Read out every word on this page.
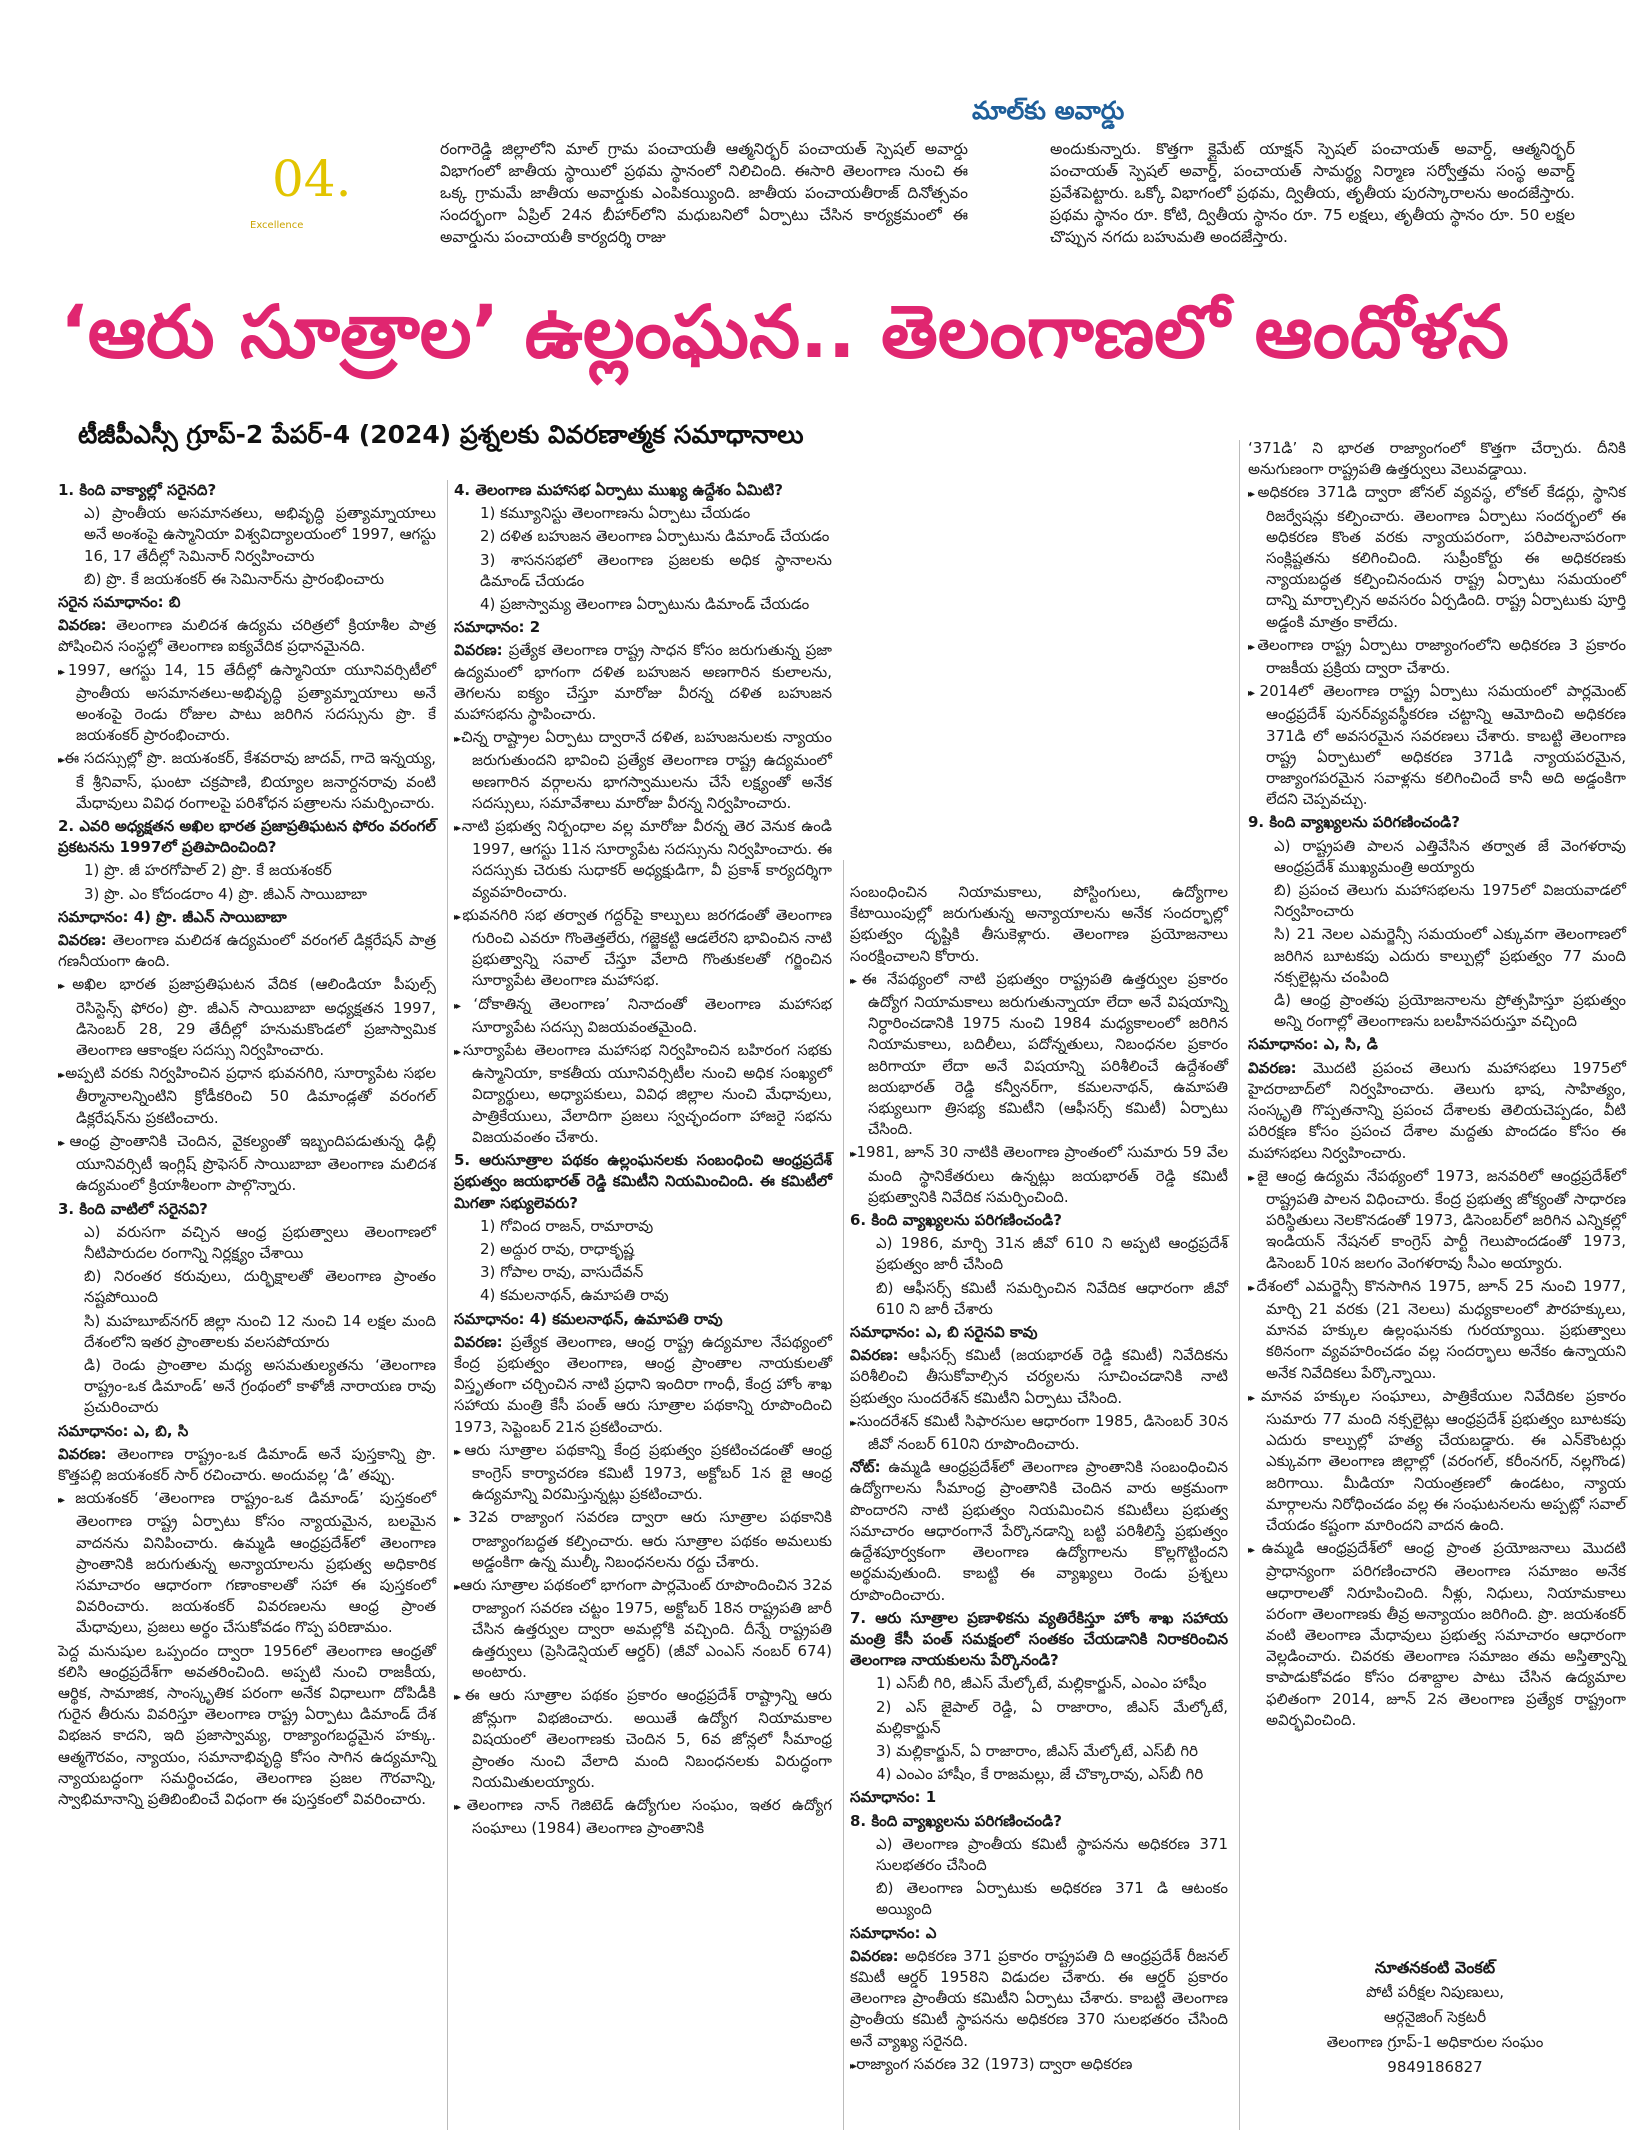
మాల్‌కు అవార్డు
04.
Excellence

రంగారెడ్డి జిల్లాలోని మాల్ గ్రామ పంచాయతీ ఆత్మనిర్భర్ పంచాయత్ స్పెషల్ అవార్డు విభాగంలో జాతీయ స్థాయిలో ప్రథమ స్థానంలో నిలిచింది. ఈసారి తెలంగాణ నుంచి ఈ ఒక్క గ్రామమే జాతీయ అవార్డుకు ఎంపికయ్యింది. జాతీయ పంచాయతీరాజ్ దినోత్సవం సందర్భంగా ఏప్రిల్ 24న బీహార్‌లోని మధుబనిలో ఏర్పాటు చేసిన కార్యక్రమంలో ఈ అవార్డును పంచాయతీ కార్యదర్శి రాజు

అందుకున్నారు. కొత్తగా క్లైమేట్ యాక్షన్ స్పెషల్ పంచాయత్ అవార్డ్, ఆత్మనిర్భర్ పంచాయత్ స్పెషల్ అవార్డ్, పంచాయత్ సామర్థ్య నిర్మాణ సర్వోత్తమ సంస్థ అవార్డ్ ప్రవేశపెట్టారు. ఒక్కో విభాగంలో ప్రథమ, ద్వితీయ, తృతీయ పురస్కారాలను అందజేస్తారు. ప్రథమ స్థానం రూ. కోటి, ద్వితీయ స్థానం రూ. 75 లక్షలు, తృతీయ స్థానం రూ. 50 లక్షల చొప్పున నగదు బహుమతి అందజేస్తారు.

‘ఆరు సూత్రాల’ ఉల్లంఘన.. తెలంగాణలో ఆందోళన
టీజీపీఎస్సీ గ్రూప్-2 పేపర్-4 (2024) ప్రశ్నలకు వివరణాత్మక సమాధానాలు

1. కింది వాక్యాల్లో సరైనది?

ఎ) ప్రాంతీయ అసమానతలు, అభివృద్ధి ప్రత్యామ్నాయాలు అనే అంశంపై ఉస్మానియా విశ్వవిద్యాలయంలో 1997, ఆగస్టు 16, 17 తేదీల్లో సెమినార్ నిర్వహించారు

బి) ప్రొ. కే జయశంకర్ ఈ సెమినార్‌ను ప్రారంభించారు

సరైన సమాధానం: బి

వివరణ: తెలంగాణ మలిదశ ఉద్యమ చరిత్రలో క్రియాశీల పాత్ర పోషించిన సంస్థల్లో తెలంగాణ ఐక్యవేదిక ప్రధానమైనది.

▸▸ 1997, ఆగస్టు 14, 15 తేదీల్లో ఉస్మానియా యూనివర్సిటీలో ప్రాంతీయ అసమానతలు-అభివృద్ధి ప్రత్యామ్నాయాలు అనే అంశంపై రెండు రోజుల పాటు జరిగిన సదస్సును ప్రొ. కే జయశంకర్ ప్రారంభించారు.

▸▸ ఈ సదస్సుల్లో ప్రొ. జయశంకర్, కేశవరావు జాదవ్, గాదె ఇన్నయ్య, కే శ్రీనివాస్, ఘంటా చక్రపాణి, బియ్యాల జనార్దనరావు వంటి మేధావులు వివిధ రంగాలపై పరిశోధన పత్రాలను సమర్పించారు.

2. ఎవరి అధ్యక్షతన అఖిల భారత ప్రజాప్రతిఘటన ఫోరం వరంగల్ ప్రకటనను 1997లో ప్రతిపాదించింది?

1) ప్రొ. జీ హరగోపాల్ 2) ప్రొ. కే జయశంకర్

3) ప్రొ. ఎం కోదండరాం 4) ప్రొ. జీఎన్ సాయిబాబా

సమాధానం: 4) ప్రొ. జీఎన్ సాయిబాబా

వివరణ: తెలంగాణ మలిదశ ఉద్యమంలో వరంగల్ డిక్లరేషన్ పాత్ర గణనీయంగా ఉంది.

▸▸ అఖిల భారత ప్రజాప్రతిఘటన వేదిక (ఆలిండియా పీపుల్స్ రెసిస్టెన్స్ ఫోరం) ప్రొ. జీఎన్ సాయిబాబా అధ్యక్షతన 1997, డిసెంబర్ 28, 29 తేదీల్లో హనుమకొండలో ప్రజాస్వామిక తెలంగాణ ఆకాంక్షల సదస్సు నిర్వహించారు.

▸▸ అప్పటి వరకు నిర్వహించిన ప్రధాన భువనగిరి, సూర్యాపేట సభల తీర్మానాలన్నింటిని క్రోడీకరించి 50 డిమాండ్లతో వరంగల్ డిక్లరేషన్‌ను ప్రకటించారు.

▸▸ ఆంధ్ర ప్రాంతానికి చెందిన, వైకల్యంతో ఇబ్బందిపడుతున్న ఢిల్లీ యూనివర్సిటీ ఇంగ్లిష్ ప్రొఫెసర్ సాయిబాబా తెలంగాణ మలిదశ ఉద్యమంలో క్రియాశీలంగా పాల్గొన్నారు.

3. కింది వాటిలో సరైనవి?

ఎ) వరుసగా వచ్చిన ఆంధ్ర ప్రభుత్వాలు తెలంగాణలో నీటిపారుదల రంగాన్ని నిర్లక్ష్యం చేశాయి

బి) నిరంతర కరువులు, దుర్భిక్షాలతో తెలంగాణ ప్రాంతం నష్టపోయింది

సి) మహబూబ్‌నగర్ జిల్లా నుంచి 12 నుంచి 14 లక్షల మంది దేశంలోని ఇతర ప్రాంతాలకు వలసపోయారు

డి) రెండు ప్రాంతాల మధ్య అసమతుల్యతను ‘తెలంగాణ రాష్ట్రం-ఒక డిమాండ్’ అనే గ్రంథంలో కాళోజీ నారాయణ రావు ప్రచురించారు

సమాధానం: ఎ, బి, సి

వివరణ: తెలంగాణ రాష్ట్రం-ఒక డిమాండ్ అనే పుస్తకాన్ని ప్రొ. కొత్తపల్లి జయశంకర్ సార్ రచించారు. అందువల్ల ‘డి’ తప్పు.

▸▸ జయశంకర్ ‘తెలంగాణ రాష్ట్రం-ఒక డిమాండ్’ పుస్తకంలో తెలంగాణ రాష్ట్ర ఏర్పాటు కోసం న్యాయమైన, బలమైన వాదనను వినిపించారు. ఉమ్మడి ఆంధ్రప్రదేశ్‌లో తెలంగాణ ప్రాంతానికి జరుగుతున్న అన్యాయాలను ప్రభుత్వ అధికారిక సమాచారం ఆధారంగా గణాంకాలతో సహా ఈ పుస్తకంలో వివరించారు. జయశంకర్ వివరణలను ఆంధ్ర ప్రాంత మేధావులు, ప్రజలు అర్థం చేసుకోవడం గొప్ప పరిణామం.

పెద్ద మనుషుల ఒప్పందం ద్వారా 1956లో తెలంగాణ ఆంధ్రతో కలిసి ఆంధ్రప్రదేశ్‌గా అవతరించింది. అప్పటి నుంచి రాజకీయ, ఆర్థిక, సామాజిక, సాంస్కృతిక పరంగా అనేక విధాలుగా దోపిడీకి గురైన తీరును వివరిస్తూ తెలంగాణ రాష్ట్ర ఏర్పాటు డిమాండ్ దేశ విభజన కాదని, ఇది ప్రజాస్వామ్య, రాజ్యాంగబద్ధమైన హక్కు. ఆత్మగౌరవం, న్యాయం, సమానాభివృద్ధి కోసం సాగిన ఉద్యమాన్ని న్యాయబద్ధంగా సమర్థించడం, తెలంగాణ ప్రజల గౌరవాన్ని, స్వాభిమానాన్ని ప్రతిబింబించే విధంగా ఈ పుస్తకంలో వివరించారు.

4. తెలంగాణ మహాసభ ఏర్పాటు ముఖ్య ఉద్దేశం ఏమిటి?

1) కమ్యూనిస్టు తెలంగాణను ఏర్పాటు చేయడం

2) దళిత బహుజన తెలంగాణ ఏర్పాటును డిమాండ్ చేయడం

3) శాసనసభలో తెలంగాణ ప్రజలకు అధిక స్థానాలను డిమాండ్ చేయడం

4) ప్రజాస్వామ్య తెలంగాణ ఏర్పాటును డిమాండ్ చేయడం

సమాధానం: 2

వివరణ: ప్రత్యేక తెలంగాణ రాష్ట్ర సాధన కోసం జరుగుతున్న ప్రజా ఉద్యమంలో భాగంగా దళిత బహుజన అణగారిన కులాలను, తెగలను ఐక్యం చేస్తూ మారోజు వీరన్న దళిత బహుజన మహాసభను స్థాపించారు.

▸▸ చిన్న రాష్ట్రాల ఏర్పాటు ద్వారానే దళిత, బహుజనులకు న్యాయం జరుగుతుందని భావించి ప్రత్యేక తెలంగాణ రాష్ట్ర ఉద్యమంలో అణగారిన వర్గాలను భాగస్వాములను చేసే లక్ష్యంతో అనేక సదస్సులు, సమావేశాలు మారోజు వీరన్న నిర్వహించారు.

▸▸ నాటి ప్రభుత్వ నిర్బంధాల వల్ల మారోజు వీరన్న తెర వెనుక ఉండి 1997, ఆగస్టు 11న సూర్యాపేట సదస్సును నిర్వహించారు. ఈ సదస్సుకు చెరుకు సుధాకర్ అధ్యక్షుడిగా, వీ ప్రకాశ్ కార్యదర్శిగా వ్యవహరించారు.

▸▸ భువనగిరి సభ తర్వాత గద్దర్‌పై కాల్పులు జరగడంతో తెలంగాణ గురించి ఎవరూ గొంతెత్తలేరు, గజ్జెకట్టి ఆడలేరని భావించిన నాటి ప్రభుత్వాన్ని సవాల్ చేస్తూ వేలాది గొంతుకలతో గర్జించిన సూర్యాపేట తెలంగాణ మహాసభ.

▸▸ ‘దోకాతిన్న తెలంగాణ’ నినాదంతో తెలంగాణ మహాసభ సూర్యాపేట సదస్సు విజయవంతమైంది.

▸▸ సూర్యాపేట తెలంగాణ మహాసభ నిర్వహించిన బహిరంగ సభకు ఉస్మానియా, కాకతీయ యూనివర్సిటీల నుంచి అధిక సంఖ్యలో విద్యార్థులు, అధ్యాపకులు, వివిధ జిల్లాల నుంచి మేధావులు, పాత్రికేయులు, వేలాదిగా ప్రజలు స్వచ్ఛందంగా హాజరై సభను విజయవంతం చేశారు.

5. ఆరుసూత్రాల పథకం ఉల్లంఘనలకు సంబంధించి ఆంధ్రప్రదేశ్ ప్రభుత్వం జయభారత్ రెడ్డి కమిటీని నియమించింది. ఈ కమిటీలో మిగతా సభ్యులెవరు?

1) గోవింద రాజన్, రామారావు

2) అద్దుర రావు, రాధాకృష్ణ

3) గోపాల రావు, వాసుదేవన్

4) కమలనాథన్, ఉమాపతి రావు

సమాధానం: 4) కమలనాథన్, ఉమాపతి రావు

వివరణ: ప్రత్యేక తెలంగాణ, ఆంధ్ర రాష్ట్ర ఉద్యమాల నేపథ్యంలో కేంద్ర ప్రభుత్వం తెలంగాణ, ఆంధ్ర ప్రాంతాల నాయకులతో విస్తృతంగా చర్చించిన నాటి ప్రధాని ఇందిరా గాంధీ, కేంద్ర హోం శాఖ సహాయ మంత్రి కేసీ పంత్ ఆరు సూత్రాల పథకాన్ని రూపొందించి 1973, సెప్టెంబర్ 21న ప్రకటించారు.

▸▸ ఆరు సూత్రాల పథకాన్ని కేంద్ర ప్రభుత్వం ప్రకటించడంతో ఆంధ్ర కాంగ్రెస్ కార్యాచరణ కమిటీ 1973, అక్టోబర్ 1న జై ఆంధ్ర ఉద్యమాన్ని విరమిస్తున్నట్లు ప్రకటించారు.

▸▸ 32వ రాజ్యాంగ సవరణ ద్వారా ఆరు సూత్రాల పథకానికి రాజ్యాంగబద్ధత కల్పించారు. ఆరు సూత్రాల పథకం అమలుకు అడ్డంకిగా ఉన్న ముల్కీ నిబంధనలను రద్దు చేశారు.

▸▸ ఆరు సూత్రాల పథకంలో భాగంగా పార్లమెంట్ రూపొందించిన 32వ రాజ్యాంగ సవరణ చట్టం 1975, అక్టోబర్ 18న రాష్ట్రపతి జారీ చేసిన ఉత్తర్వుల ద్వారా అమల్లోకి వచ్చింది. దీన్నే రాష్ట్రపతి ఉత్తర్వులు (ప్రెసిడెన్షియల్ ఆర్డర్) (జీవో ఎంఎస్ నంబర్ 674) అంటారు.

▸▸ ఈ ఆరు సూత్రాల పథకం ప్రకారం ఆంధ్రప్రదేశ్ రాష్ట్రాన్ని ఆరు జోన్లుగా విభజించారు. అయితే ఉద్యోగ నియామకాల విషయంలో తెలంగాణకు చెందిన 5, 6వ జోన్లలో సీమాంధ్ర ప్రాంతం నుంచి వేలాది మంది నిబంధనలకు విరుద్ధంగా నియమితులయ్యారు.

▸▸ తెలంగాణ నాన్ గెజిటెడ్ ఉద్యోగుల సంఘం, ఇతర ఉద్యోగ సంఘాలు (1984) తెలంగాణ ప్రాంతానికి

సంబంధించిన నియామకాలు, పోస్టింగులు, ఉద్యోగాల కేటాయింపుల్లో జరుగుతున్న అన్యాయాలను అనేక సందర్భాల్లో ప్రభుత్వం దృష్టికి తీసుకెళ్లారు. తెలంగాణ ప్రయోజనాలు సంరక్షించాలని కోరారు.

▸▸ ఈ నేపథ్యంలో నాటి ప్రభుత్వం రాష్ట్రపతి ఉత్తర్వుల ప్రకారం ఉద్యోగ నియామకాలు జరుగుతున్నాయా లేదా అనే విషయాన్ని నిర్ధారించడానికి 1975 నుంచి 1984 మధ్యకాలంలో జరిగిన నియామకాలు, బదిలీలు, పదోన్నతులు, నిబంధనల ప్రకారం జరిగాయా లేదా అనే విషయాన్ని పరిశీలించే ఉద్దేశంతో జయభారత్ రెడ్డి కన్వీనర్‌గా, కమలనాథన్, ఉమాపతి సభ్యులుగా త్రిసభ్య కమిటీని (ఆఫీసర్స్ కమిటీ) ఏర్పాటు చేసింది.

▸▸ 1981, జూన్ 30 నాటికి తెలంగాణ ప్రాంతంలో సుమారు 59 వేల మంది స్థానికేతరులు ఉన్నట్లు జయభారత్ రెడ్డి కమిటీ ప్రభుత్వానికి నివేదిక సమర్పించింది.

6. కింది వ్యాఖ్యలను పరిగణించండి?

ఎ) 1986, మార్చి 31న జీవో 610 ని అప్పటి ఆంధ్రప్రదేశ్ ప్రభుత్వం జారీ చేసింది

బి) ఆఫీసర్స్ కమిటీ సమర్పించిన నివేదిక ఆధారంగా జీవో 610 ని జారీ చేశారు

సమాధానం: ఎ, బి సరైనవి కావు

వివరణ: ఆఫీసర్స్ కమిటీ (జయభారత్ రెడ్డి కమిటీ) నివేదికను పరిశీలించి తీసుకోవాల్సిన చర్యలను సూచించడానికి నాటి ప్రభుత్వం సుందరేశన్ కమిటీని ఏర్పాటు చేసింది.

▸▸ సుందరేశన్ కమిటీ సిఫారసుల ఆధారంగా 1985, డిసెంబర్ 30న జీవో నంబర్ 610ని రూపొందించారు.

నోట్: ఉమ్మడి ఆంధ్రప్రదేశ్‌లో తెలంగాణ ప్రాంతానికి సంబంధించిన ఉద్యోగాలను సీమాంధ్ర ప్రాంతానికి చెందిన వారు అక్రమంగా పొందారని నాటి ప్రభుత్వం నియమించిన కమిటీలు ప్రభుత్వ సమాచారం ఆధారంగానే పేర్కొనడాన్ని బట్టి పరిశీలిస్తే ప్రభుత్వం ఉద్దేశపూర్వకంగా తెలంగాణ ఉద్యోగాలను కొల్లగొట్టిందని అర్థమవుతుంది. కాబట్టి ఈ వ్యాఖ్యలు రెండు ప్రశ్నలు రూపొందించారు.

7. ఆరు సూత్రాల ప్రణాళికను వ్యతిరేకిస్తూ హోం శాఖ సహాయ మంత్రి కేసీ పంత్ సమక్షంలో సంతకం చేయడానికి నిరాకరించిన తెలంగాణ నాయకులను పేర్కొనండి?

1) ఎస్‌బీ గిరి, జీఎస్ మేల్కోటే, మల్లికార్జున్, ఎంఎం హాషీం

2) ఎస్ జైపాల్ రెడ్డి, ఏ రాజారాం, జీఎస్ మేల్కోటే, మల్లికార్జున్

3) మల్లికార్జున్, ఏ రాజారాం, జీఎస్ మేల్కోటే, ఎస్‌బీ గిరి

4) ఎంఎం హాషీం, కే రాజమల్లు, జే చొక్కారావు, ఎస్‌బీ గిరి

సమాధానం: 1

8. కింది వ్యాఖ్యలను పరిగణించండి?

ఎ) తెలంగాణ ప్రాంతీయ కమిటీ స్థాపనను అధికరణ 371 సులభతరం చేసింది

బి) తెలంగాణ ఏర్పాటుకు అధికరణ 371 డి ఆటంకం అయ్యింది

సమాధానం: ఎ

వివరణ: అధికరణ 371 ప్రకారం రాష్ట్రపతి ది ఆంధ్రప్రదేశ్ రీజనల్ కమిటీ ఆర్డర్ 1958ని విడుదల చేశారు. ఈ ఆర్డర్ ప్రకారం తెలంగాణ ప్రాంతీయ కమిటీని ఏర్పాటు చేశారు. కాబట్టి తెలంగాణ ప్రాంతీయ కమిటీ స్థాపనను అధికరణ 370 సులభతరం చేసింది అనే వ్యాఖ్య సరైనది.

▸▸ రాజ్యాంగ సవరణ 32 (1973) ద్వారా అధికరణ

‘371డి’ ని భారత రాజ్యాంగంలో కొత్తగా చేర్చారు. దీనికి అనుగుణంగా రాష్ట్రపతి ఉత్తర్వులు వెలువడ్డాయి.

▸▸ అధికరణ 371డి ద్వారా జోనల్ వ్యవస్థ, లోకల్ కేడర్లు, స్థానిక రిజర్వేషన్లు కల్పించారు. తెలంగాణ ఏర్పాటు సందర్భంలో ఈ అధికరణ కొంత వరకు న్యాయపరంగా, పరిపాలనాపరంగా సంక్లిష్టతను కలిగించింది. సుప్రీంకోర్టు ఈ అధికరణకు న్యాయబద్ధత కల్పించినందున రాష్ట్ర ఏర్పాటు సమయంలో దాన్ని మార్చాల్సిన అవసరం ఏర్పడింది. రాష్ట్ర ఏర్పాటుకు పూర్తి అడ్డంకి మాత్రం కాలేదు.

▸▸ తెలంగాణ రాష్ట్ర ఏర్పాటు రాజ్యాంగంలోని అధికరణ 3 ప్రకారం రాజకీయ ప్రక్రియ ద్వారా చేశారు.

▸▸ 2014లో తెలంగాణ రాష్ట్ర ఏర్పాటు సమయంలో పార్లమెంట్ ఆంధ్రప్రదేశ్ పునర్‌వ్యవస్థీకరణ చట్టాన్ని ఆమోదించి అధికరణ 371డి లో అవసరమైన సవరణలు చేశారు. కాబట్టి తెలంగాణ రాష్ట్ర ఏర్పాటులో అధికరణ 371డి న్యాయపరమైన, రాజ్యాంగపరమైన సవాళ్లను కలిగించిందే కానీ అది అడ్డంకిగా లేదని చెప్పవచ్చు.

9. కింది వ్యాఖ్యలను పరిగణించండి?

ఎ) రాష్ట్రపతి పాలన ఎత్తివేసిన తర్వాత జే వెంగళరావు ఆంధ్రప్రదేశ్ ముఖ్యమంత్రి అయ్యారు

బి) ప్రపంచ తెలుగు మహాసభలను 1975లో విజయవాడలో నిర్వహించారు

సి) 21 నెలల ఎమర్జెన్సీ సమయంలో ఎక్కువగా తెలంగాణలో జరిగిన బూటకపు ఎదురు కాల్పుల్లో ప్రభుత్వం 77 మంది నక్సలైట్లను చంపింది

డి) ఆంధ్ర ప్రాంతపు ప్రయోజనాలను ప్రోత్సహిస్తూ ప్రభుత్వం అన్ని రంగాల్లో తెలంగాణను బలహీనపరుస్తూ వచ్చింది

సమాధానం: ఎ, సి, డి

వివరణ: మొదటి ప్రపంచ తెలుగు మహాసభలు 1975లో హైదరాబాద్‌లో నిర్వహించారు. తెలుగు భాష, సాహిత్యం, సంస్కృతి గొప్పతనాన్ని ప్రపంచ దేశాలకు తెలియచెప్పడం, వీటి పరిరక్షణ కోసం ప్రపంచ దేశాల మద్దతు పొందడం కోసం ఈ మహాసభలు నిర్వహించారు.

▸▸ జై ఆంధ్ర ఉద్యమ నేపథ్యంలో 1973, జనవరిలో ఆంధ్రప్రదేశ్‌లో రాష్ట్రపతి పాలన విధించారు. కేంద్ర ప్రభుత్వ జోక్యంతో సాధారణ పరిస్థితులు నెలకొనడంతో 1973, డిసెంబర్‌లో జరిగిన ఎన్నికల్లో ఇండియన్ నేషనల్ కాంగ్రెస్ పార్టీ గెలుపొందడంతో 1973, డిసెంబర్ 10న జలగం వెంగళరావు సీఎం అయ్యారు.

▸▸ దేశంలో ఎమర్జెన్సీ కొనసాగిన 1975, జూన్ 25 నుంచి 1977, మార్చి 21 వరకు (21 నెలలు) మధ్యకాలంలో పౌరహక్కులు, మానవ హక్కుల ఉల్లంఘనకు గురయ్యాయి. ప్రభుత్వాలు కఠినంగా వ్యవహరించడం వల్ల సందర్భాలు అనేకం ఉన్నాయని అనేక నివేదికలు పేర్కొన్నాయి.

▸▸ మానవ హక్కుల సంఘాలు, పాత్రికేయుల నివేదికల ప్రకారం సుమారు 77 మంది నక్సలైట్లు ఆంధ్రప్రదేశ్ ప్రభుత్వం బూటకపు ఎదురు కాల్పుల్లో హత్య చేయబడ్డారు. ఈ ఎన్‌కౌంటర్లు ఎక్కువగా తెలంగాణ జిల్లాల్లో (వరంగల్, కరీంనగర్, నల్లగొండ) జరిగాయి. మీడియా నియంత్రణలో ఉండటం, న్యాయ మార్గాలను నిరోధించడం వల్ల ఈ సంఘటనలను అప్పట్లో సవాల్ చేయడం కష్టంగా మారిందని వాదన ఉంది.

▸▸ ఉమ్మడి ఆంధ్రప్రదేశ్‌లో ఆంధ్ర ప్రాంత ప్రయోజనాలు మొదటి ప్రాధాన్యంగా పరిగణించారని తెలంగాణ సమాజం అనేక ఆధారాలతో నిరూపించింది. నీళ్లు, నిధులు, నియామకాలు పరంగా తెలంగాణకు తీవ్ర అన్యాయం జరిగింది. ప్రొ. జయశంకర్ వంటి తెలంగాణ మేధావులు ప్రభుత్వ సమాచారం ఆధారంగా వెల్లడించారు. చివరకు తెలంగాణ సమాజం తమ అస్తిత్వాన్ని కాపాడుకోవడం కోసం దశాబ్దాల పాటు చేసిన ఉద్యమాల ఫలితంగా 2014, జూన్ 2న తెలంగాణ ప్రత్యేక రాష్ట్రంగా అవిర్భవించింది.

నూతనకంటి వెంకట్
పోటీ పరీక్షల నిపుణులు,
ఆర్గనైజింగ్ సెక్రటరీ
తెలంగాణ గ్రూప్-1 అధికారుల సంఘం
9849186827
